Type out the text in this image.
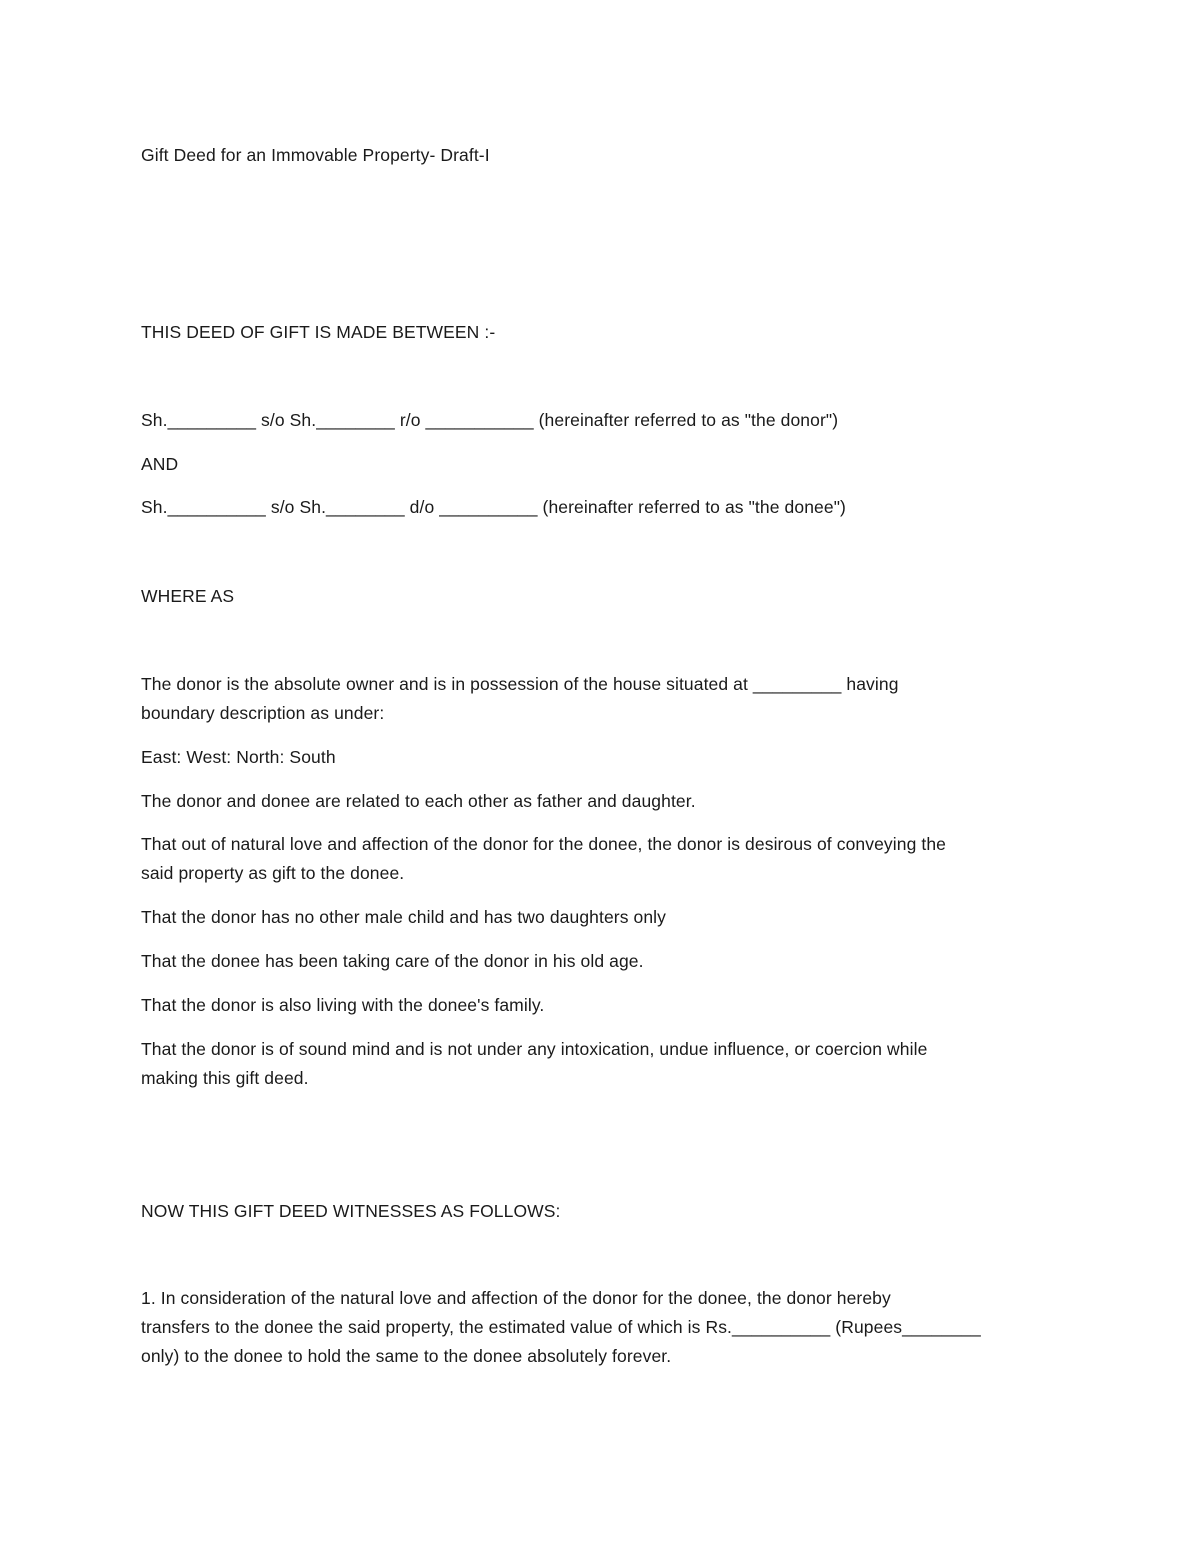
Gift Deed for an Immovable Property- Draft-I
THIS DEED OF GIFT IS MADE BETWEEN :-
Sh._________ s/o Sh.________ r/o ___________ (hereinafter referred to as "the donor")
AND
Sh.__________ s/o Sh.________ d/o __________ (hereinafter referred to as "the donee")
WHERE AS
The donor is the absolute owner and is in possession of the house situated at _________ having
boundary description as under:
East: West: North: South
The donor and donee are related to each other as father and daughter.
That out of natural love and affection of the donor for the donee, the donor is desirous of conveying the
said property as gift to the donee.
That the donor has no other male child and has two daughters only
That the donee has been taking care of the donor in his old age.
That the donor is also living with the donee's family.
That the donor is of sound mind and is not under any intoxication, undue influence, or coercion while
making this gift deed.
NOW THIS GIFT DEED WITNESSES AS FOLLOWS:
1. In consideration of the natural love and affection of the donor for the donee, the donor hereby
transfers to the donee the said property, the estimated value of which is Rs.__________ (Rupees________
only) to the donee to hold the same to the donee absolutely forever.
